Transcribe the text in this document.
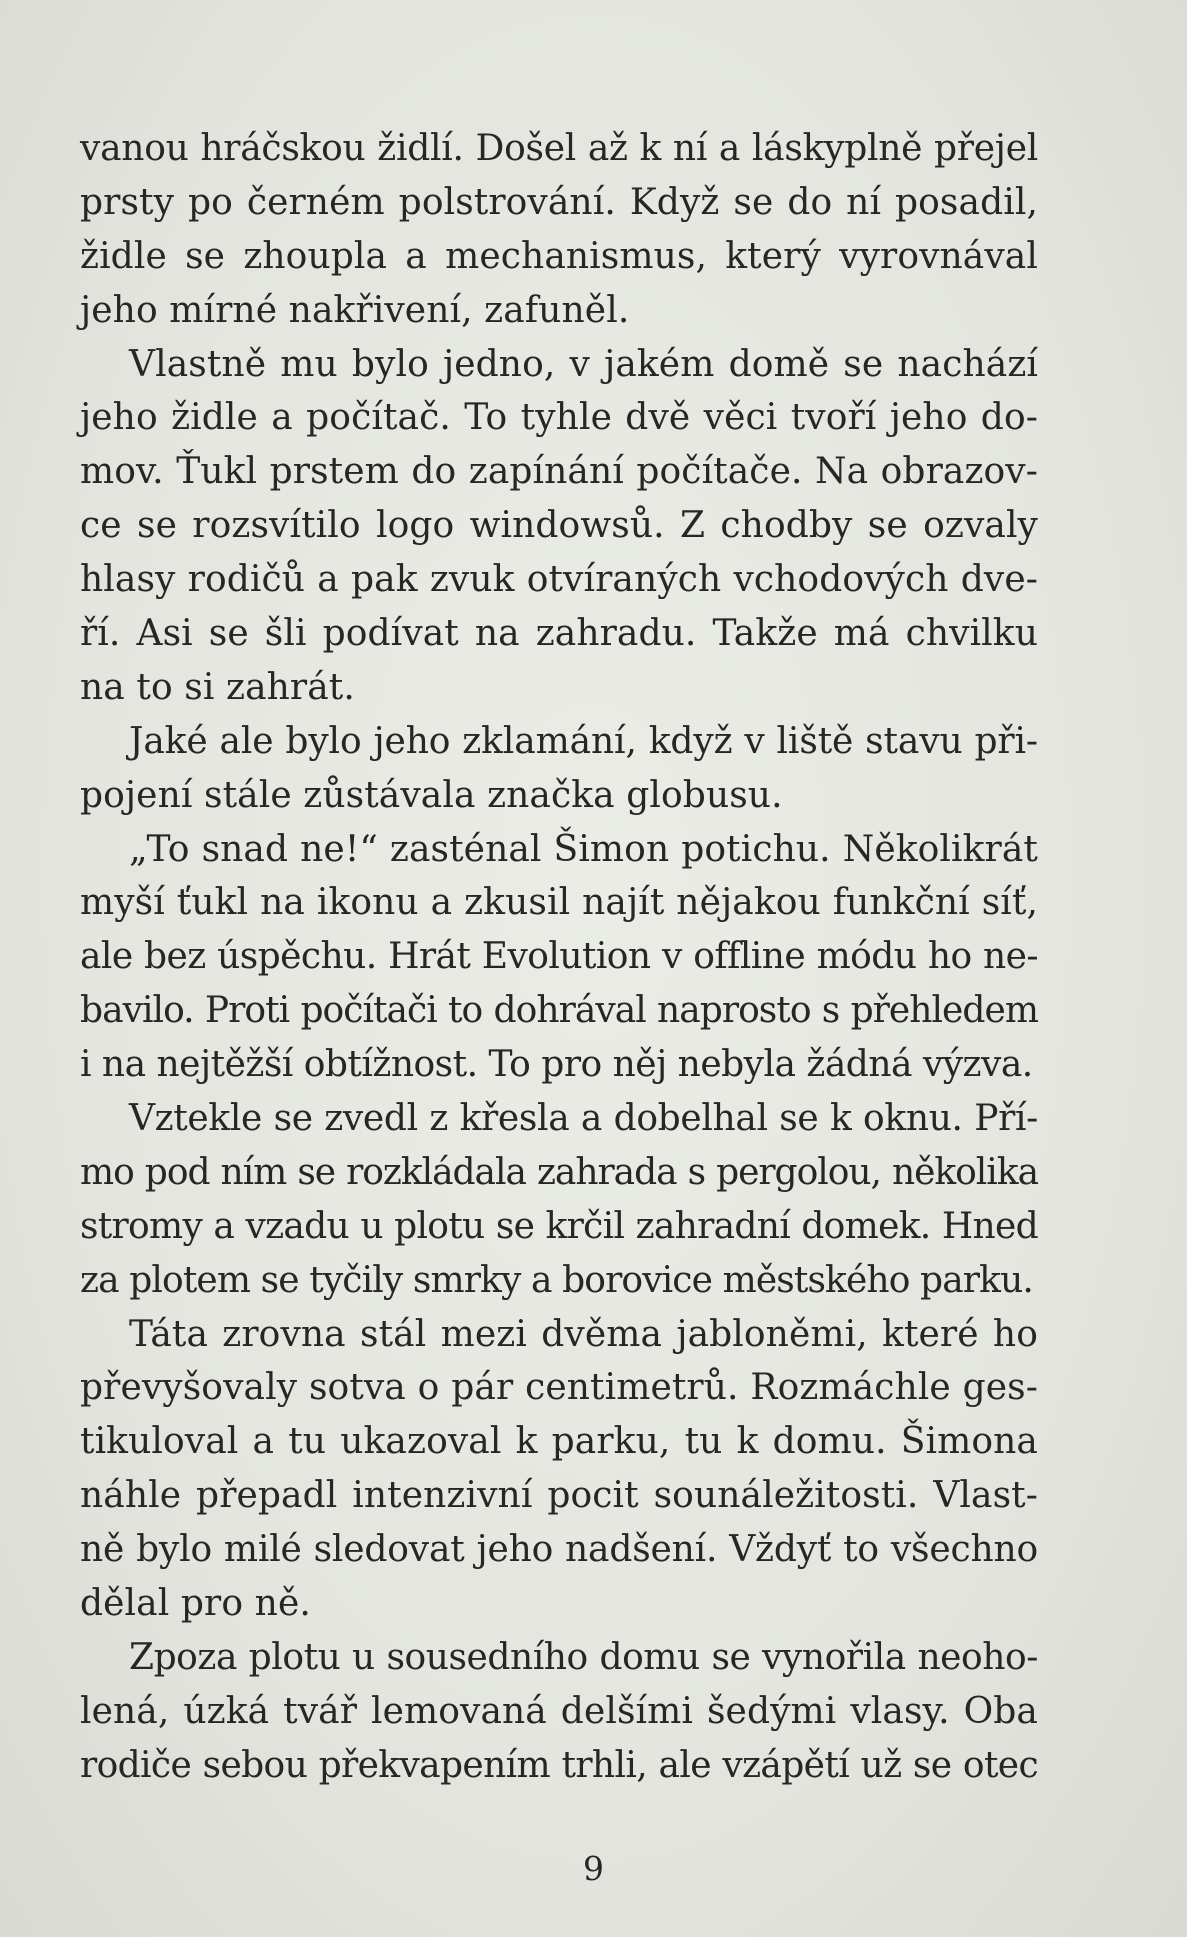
vanou hráčskou židlí. Došel až k ní a láskyplně přejel
prsty po černém polstrování. Když se do ní posadil,
židle se zhoupla a mechanismus, který vyrovnával
jeho mírné nakřivení, zafuněl.
Vlastně mu bylo jedno, v jakém domě se nachází
jeho židle a počítač. To tyhle dvě věci tvoří jeho do-
mov. Ťukl prstem do zapínání počítače. Na obrazov-
ce se rozsvítilo logo windowsů. Z chodby se ozvaly
hlasy rodičů a pak zvuk otvíraných vchodových dve-
ří. Asi se šli podívat na zahradu. Takže má chvilku
na to si zahrát.
Jaké ale bylo jeho zklamání, když v liště stavu při-
pojení stále zůstávala značka globusu.
„To snad ne!“ zasténal Šimon potichu. Několikrát
myší ťukl na ikonu a zkusil najít nějakou funkční síť,
ale bez úspěchu. Hrát Evolution v offline módu ho ne-
bavilo. Proti počítači to dohrával naprosto s přehledem
i na nejtěžší obtížnost. To pro něj nebyla žádná výzva.
Vztekle se zvedl z křesla a dobelhal se k oknu. Pří-
mo pod ním se rozkládala zahrada s pergolou, několika
stromy a vzadu u plotu se krčil zahradní domek. Hned
za plotem se tyčily smrky a borovice městského parku.
Táta zrovna stál mezi dvěma jabloněmi, které ho
převyšovaly sotva o pár centimetrů. Rozmáchle ges-
tikuloval a tu ukazoval k parku, tu k domu. Šimona
náhle přepadl intenzivní pocit sounáležitosti. Vlast-
ně bylo milé sledovat jeho nadšení. Vždyť to všechno
dělal pro ně.
Zpoza plotu u sousedního domu se vynořila neoho-
lená, úzká tvář lemovaná delšími šedými vlasy. Oba
rodiče sebou překvapením trhli, ale vzápětí už se otec
9
